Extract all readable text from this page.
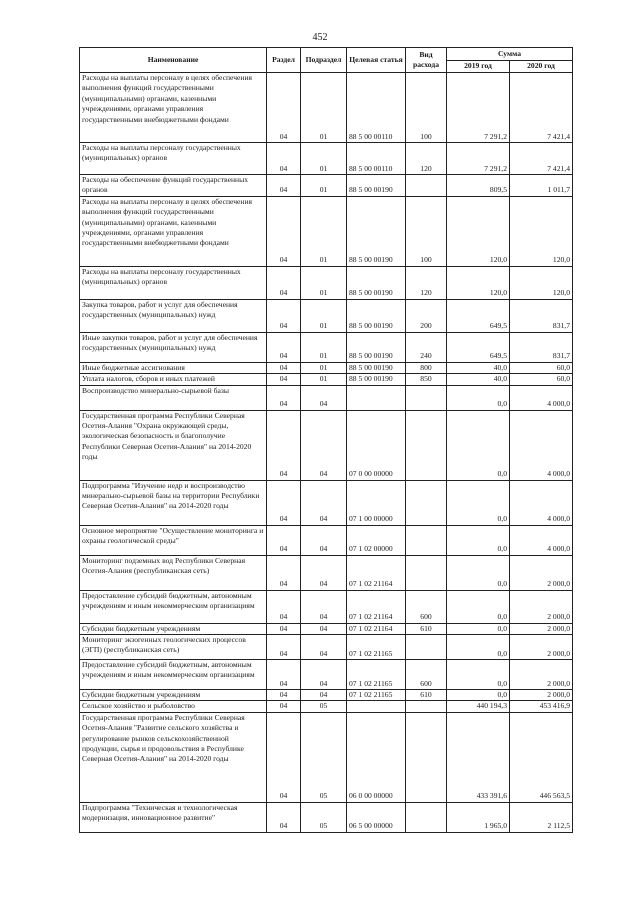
452
Наименование	Раздел	Подраздел	Целевая статья	Вид расхода	Сумма	
					2019 год	2020 год
Расходы на выплаты персоналу в целях обеспечения выполнения функций государственными (муниципальными) органами, казенными учреждениями, органами управления государственными внебюджетными фондами	04	01	88 5 00 00110	100	7 291,2	7 421,4
Расходы на выплаты персоналу государственных (муниципальных) органов	04	01	88 5 00 00110	120	7 291,2	7 421,4
Расходы на обеспечение функций государственных органов	04	01	88 5 00 00190		809,5	1 011,7
Расходы на выплаты персоналу в целях обеспечения выполнения функций государственными (муниципальными) органами, казенными учреждениями, органами управления государственными внебюджетными фондами	04	01	88 5 00 00190	100	120,0	120,0
Расходы на выплаты персоналу государственных (муниципальных) органов	04	01	88 5 00 00190	120	120,0	120,0
Закупка товаров, работ и услуг для обеспечения государственных (муниципальных) нужд	04	01	88 5 00 00190	200	649,5	831,7
Иные закупки товаров, работ и услуг для обеспечения государственных (муниципальных) нужд	04	01	88 5 00 00190	240	649,5	831,7
Иные бюджетные ассигнования	04	01	88 5 00 00190	800	40,0	60,0
Уплата налогов, сборов и иных платежей	04	01	88 5 00 00190	850	40,0	60,0
Воспроизводство минерально-сырьевой базы	04	04			0,0	4 000,0
Государственная программа Республики Северная Осетия-Алания "Охрана окружающей среды, экологическая безопасность и благополучие Республики Северная Осетия-Алания" на 2014-2020 годы	04	04	07 0 00 00000		0,0	4 000,0
Подпрограмма "Изучение недр и воспроизводство минерально-сырьевой базы на территории Республики Северная Осетия-Алания" на 2014-2020 годы	04	04	07 1 00 00000		0,0	4 000,0
Основное мероприятие "Осуществление мониторинга и охраны геологической среды"	04	04	07 1 02 00000		0,0	4 000,0
Мониторинг подземных вод Республики Северная Осетия-Алания (республиканская сеть)	04	04	07 1 02 21164		0,0	2 000,0
Предоставление субсидий бюджетным, автономным учреждениям и иным некоммерческим организациям	04	04	07 1 02 21164	600	0,0	2 000,0
Субсидии бюджетным учреждениям	04	04	07 1 02 21164	610	0,0	2 000,0
Мониторинг экзогенных геологических процессов (ЭГП) (республиканская сеть)	04	04	07 1 02 21165		0,0	2 000,0
Предоставление субсидий бюджетным, автономным учреждениям и иным некоммерческим организациям	04	04	07 1 02 21165	600	0,0	2 000,0
Субсидии бюджетным учреждениям	04	04	07 1 02 21165	610	0,0	2 000,0
Сельское хозяйство и рыболовство	04	05			440 194,3	453 416,9
Государственная программа Республики Северная Осетия-Алания "Развитие сельского хозяйства и регулирование рынков сельскохозяйственной продукции, сырья и продовольствия в Республике Северная Осетия-Алания" на 2014-2020 годы	04	05	06 0 00 00000		433 391,6	446 563,5
Подпрограмма "Техническая и технологическая модернизация, инновационное развитие"	04	05	06 5 00 00000		1 965,0	2 112,5
